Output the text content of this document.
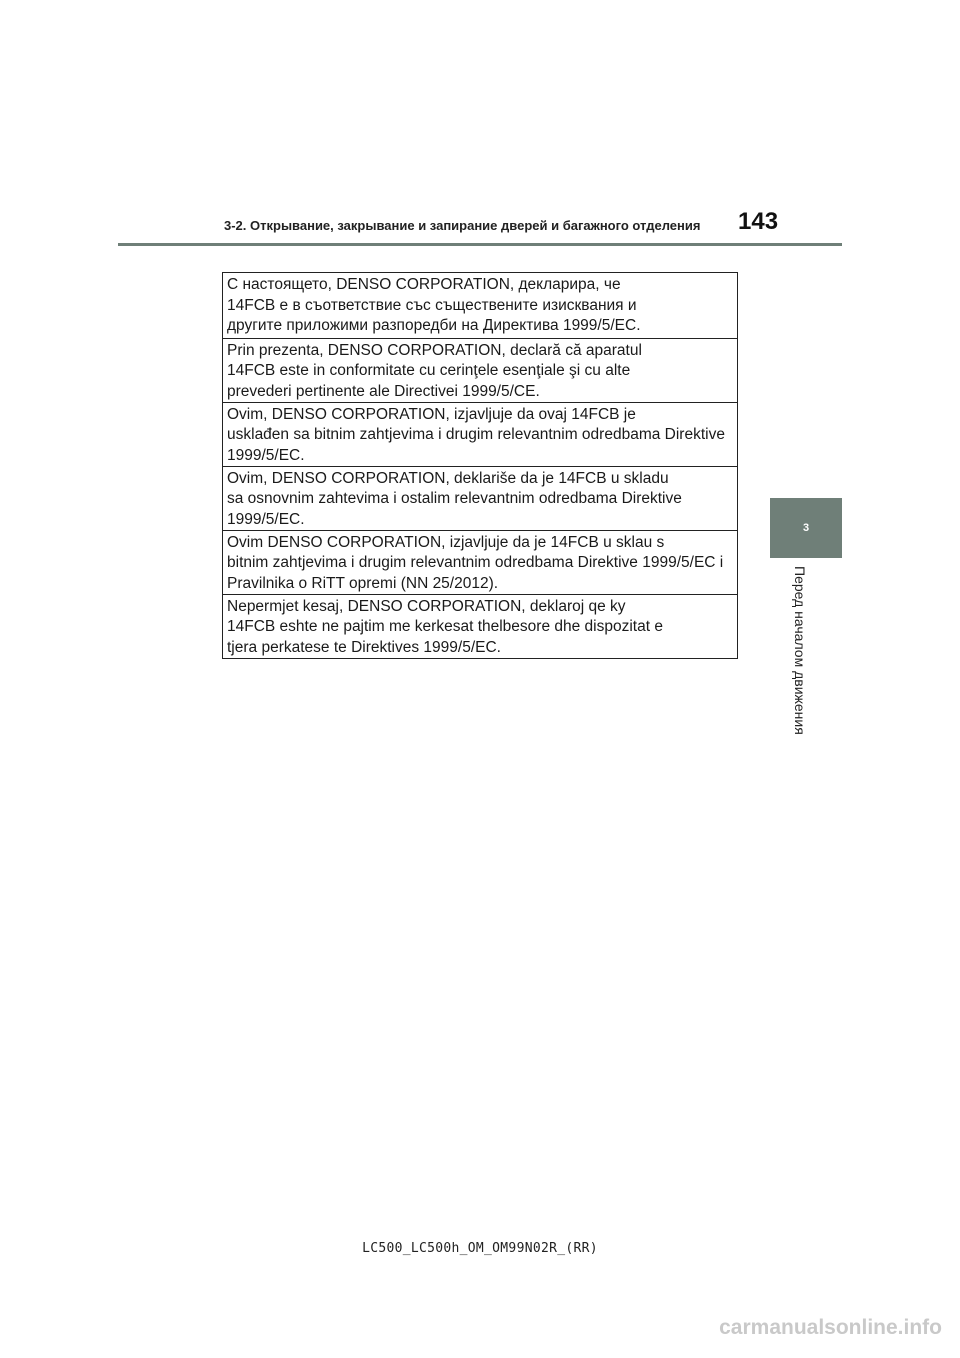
3-2. Открывание, закрывание и запирание дверей и багажного отделения	143
3
Перед началом движения
С настоящето, DENSO CORPORATION, декларира, че
14FCB е в съответствие със съществените изисквания и
другите приложими разпоредби на Директива 1999/5/ЕС.
Prin prezenta, DENSO CORPORATION, declară că aparatul
14FCB este in conformitate cu cerinţele esenţiale şi cu alte
prevederi pertinente ale Directivei 1999/5/CE.
Ovim, DENSO CORPORATION, izjavljuje da ovaj 14FCB je
usklađen sa bitnim zahtjevima i drugim relevantnim odredbama Direktive
1999/5/EC.
Ovim, DENSO CORPORATION, deklariše da je 14FCB u skladu
sa osnovnim zahtevima i ostalim relevantnim odredbama Direktive
1999/5/EC.
Ovim DENSO CORPORATION, izjavljuje da je 14FCB u sklau s
bitnim zahtjevima i drugim relevantnim odredbama Direktive 1999/5/EC i
Pravilnika o RiTT opremi (NN 25/2012).
Nepermjet kesaj, DENSO CORPORATION, deklaroj qe ky
14FCB eshte ne pajtim me kerkesat thelbesore dhe dispozitat e
tjera perkatese te Direktives 1999/5/EC.
LC500_LC500h_OM_OM99N02R_(RR)
carmanualsonline.info
